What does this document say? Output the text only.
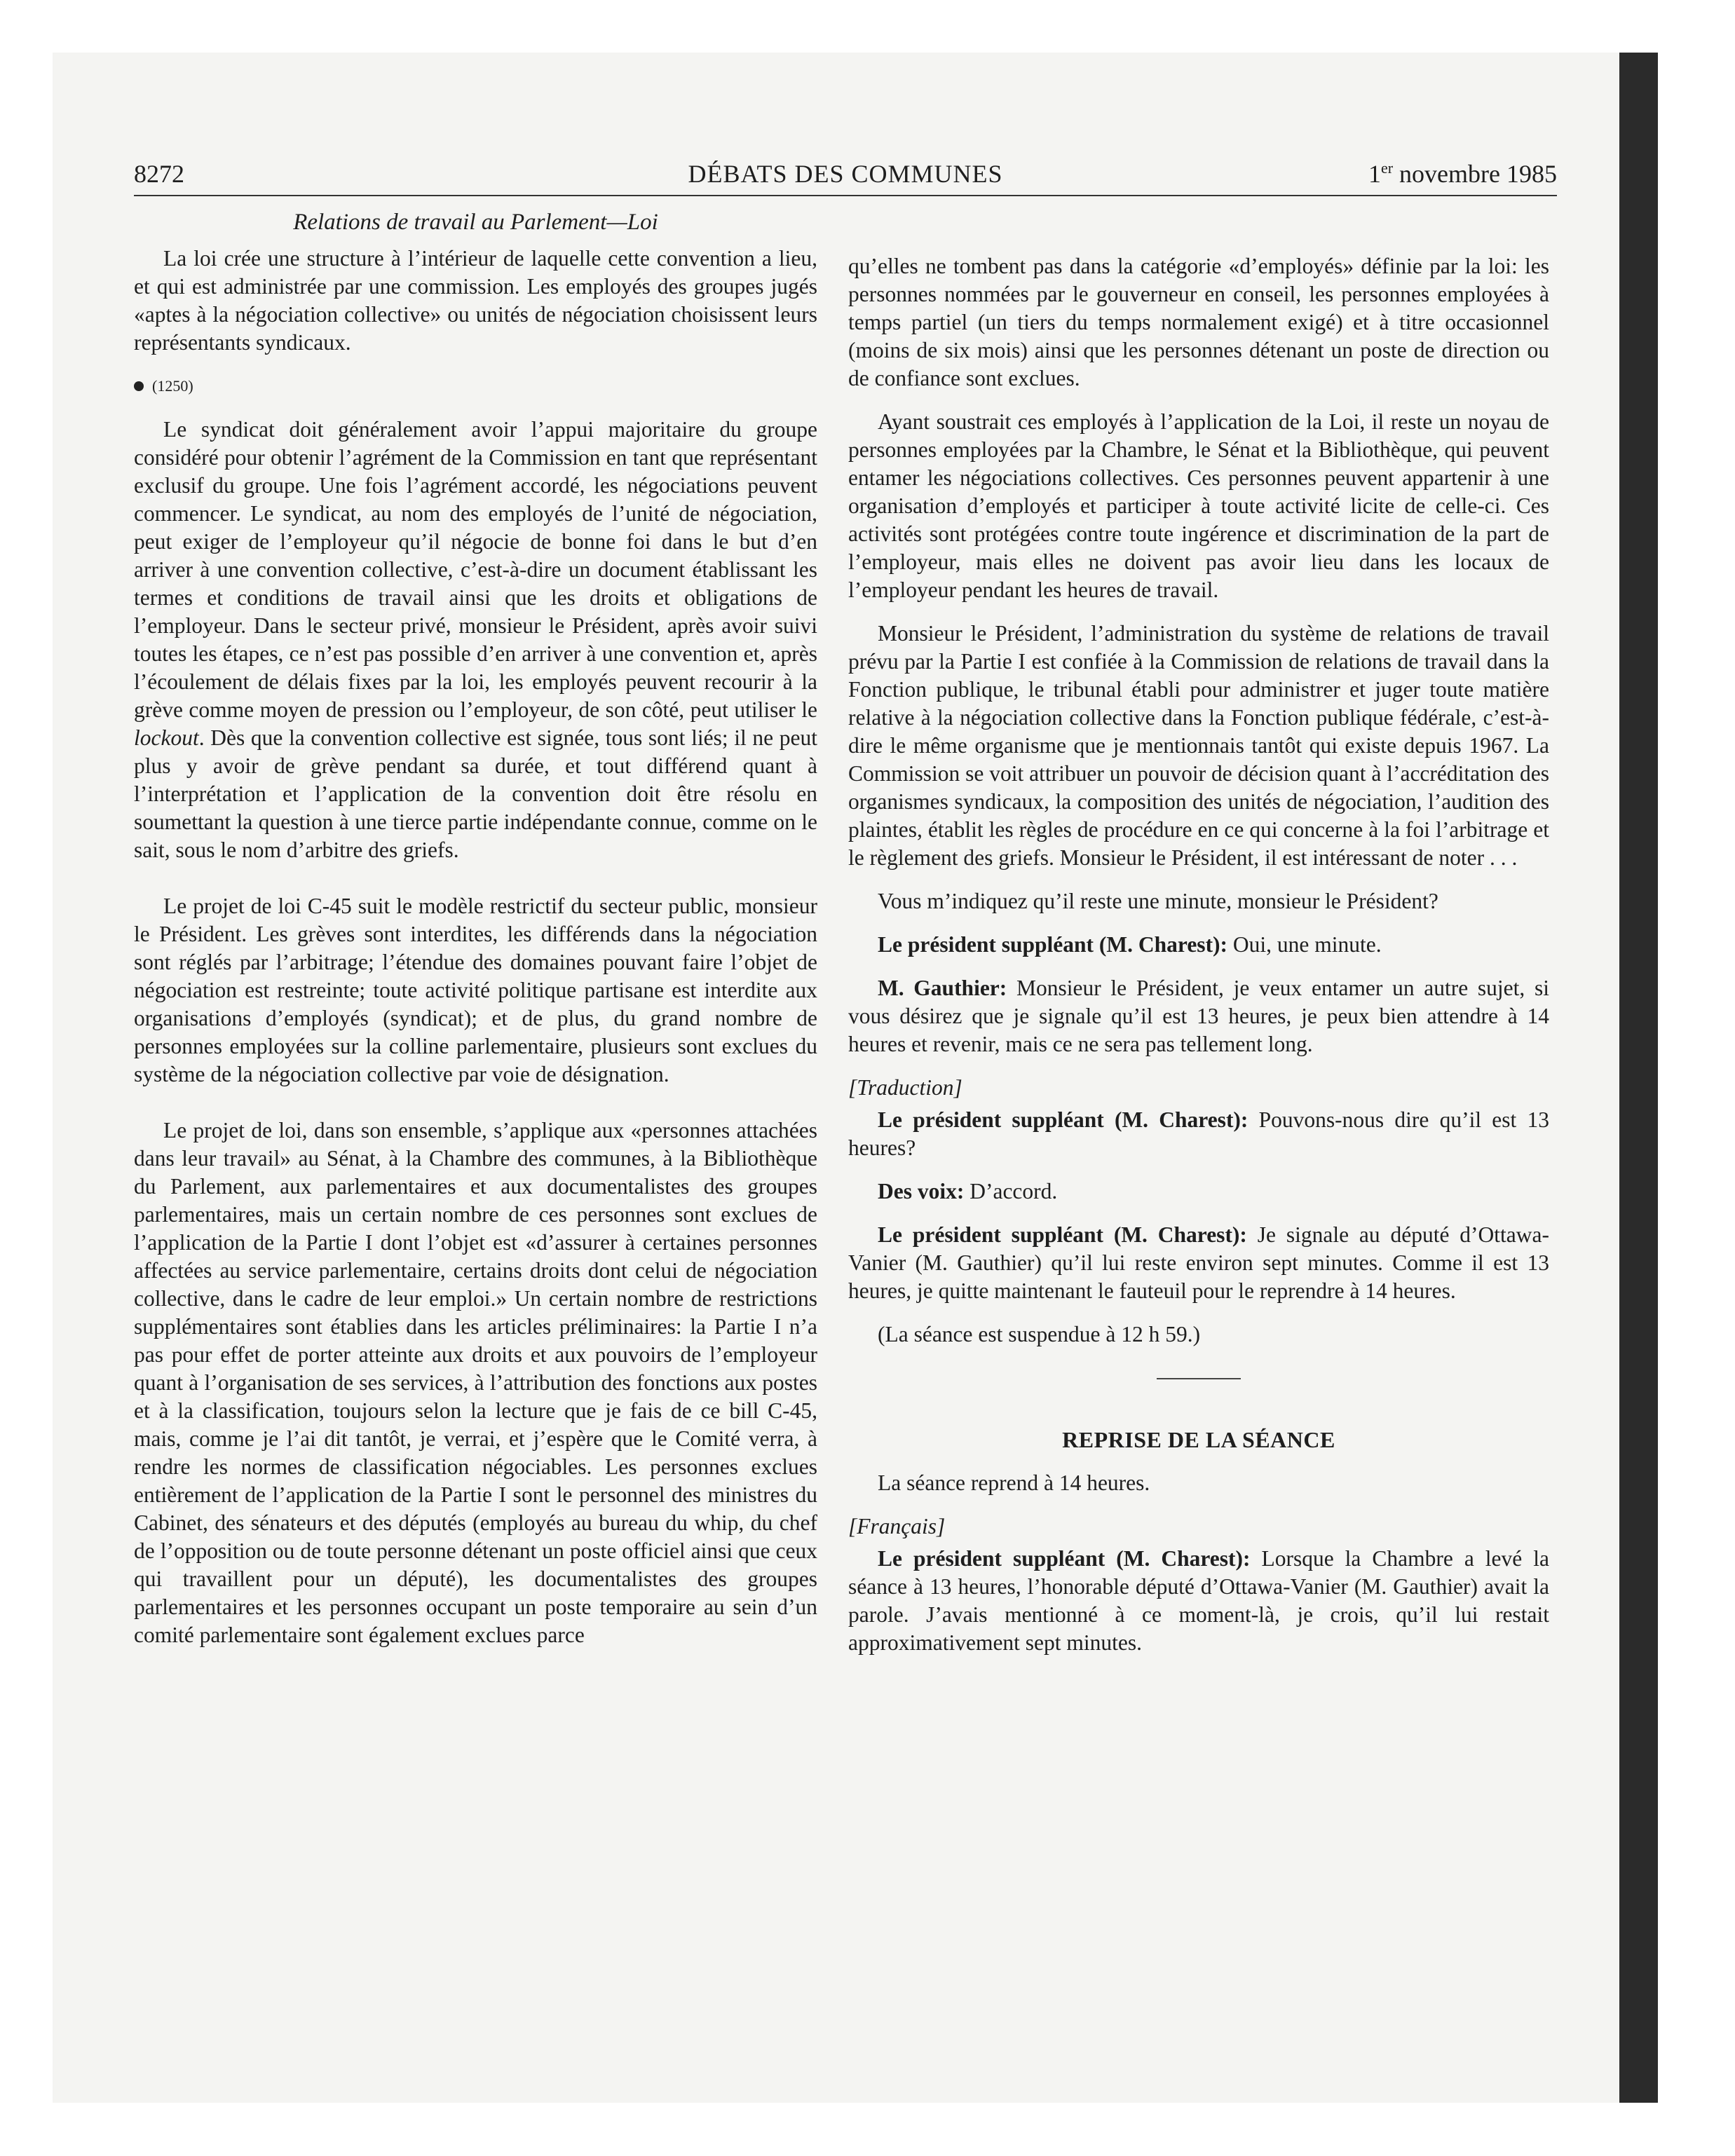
8272	DÉBATS DES COMMUNES	1er novembre 1985
Relations de travail au Parlement—Loi

La loi crée une structure à l’intérieur de laquelle cette convention a lieu, et qui est administrée par une commission. Les employés des groupes jugés «aptes à la négociation collective» ou unités de négociation choisissent leurs représentants syndicaux.

(1250)

Le syndicat doit généralement avoir l’appui majoritaire du groupe considéré pour obtenir l’agrément de la Commission en tant que représentant exclusif du groupe. Une fois l’agrément accordé, les négociations peuvent commencer. Le syndicat, au nom des employés de l’unité de négociation, peut exiger de l’employeur qu’il négocie de bonne foi dans le but d’en arriver à une convention collective, c’est-à-dire un document établissant les termes et conditions de travail ainsi que les droits et obligations de l’employeur. Dans le secteur privé, monsieur le Président, après avoir suivi toutes les étapes, ce n’est pas possible d’en arriver à une convention et, après l’écoulement de délais fixes par la loi, les employés peuvent recourir à la grève comme moyen de pression ou l’employeur, de son côté, peut utiliser le lockout. Dès que la convention collective est signée, tous sont liés; il ne peut plus y avoir de grève pendant sa durée, et tout différend quant à l’interprétation et l’application de la convention doit être résolu en soumettant la question à une tierce partie indépendante connue, comme on le sait, sous le nom d’arbitre des griefs.

Le projet de loi C-45 suit le modèle restrictif du secteur public, monsieur le Président. Les grèves sont interdites, les différends dans la négociation sont réglés par l’arbitrage; l’étendue des domaines pouvant faire l’objet de négociation est restreinte; toute activité politique partisane est interdite aux organisations d’employés (syndicat); et de plus, du grand nombre de personnes employées sur la colline parlementaire, plusieurs sont exclues du système de la négociation collective par voie de désignation.

Le projet de loi, dans son ensemble, s’applique aux «personnes attachées dans leur travail» au Sénat, à la Chambre des communes, à la Bibliothèque du Parlement, aux parlementaires et aux documentalistes des groupes parlementaires, mais un certain nombre de ces personnes sont exclues de l’application de la Partie I dont l’objet est «d’assurer à certaines personnes affectées au service parlementaire, certains droits dont celui de négociation collective, dans le cadre de leur emploi.» Un certain nombre de restrictions supplémentaires sont établies dans les articles préliminaires: la Partie I n’a pas pour effet de porter atteinte aux droits et aux pouvoirs de l’employeur quant à l’organisation de ses services, à l’attribution des fonctions aux postes et à la classification, toujours selon la lecture que je fais de ce bill C-45, mais, comme je l’ai dit tantôt, je verrai, et j’espère que le Comité verra, à rendre les normes de classification négociables. Les personnes exclues entièrement de l’application de la Partie I sont le personnel des ministres du Cabinet, des sénateurs et des députés (employés au bureau du whip, du chef de l’opposition ou de toute personne détenant un poste officiel ainsi que ceux qui travaillent pour un député), les documentalistes des groupes parlementaires et les personnes occupant un poste temporaire au sein d’un comité parlementaire sont également exclues parce

qu’elles ne tombent pas dans la catégorie «d’employés» définie par la loi: les personnes nommées par le gouverneur en conseil, les personnes employées à temps partiel (un tiers du temps normalement exigé) et à titre occasionnel (moins de six mois) ainsi que les personnes détenant un poste de direction ou de confiance sont exclues.

Ayant soustrait ces employés à l’application de la Loi, il reste un noyau de personnes employées par la Chambre, le Sénat et la Bibliothèque, qui peuvent entamer les négociations collectives. Ces personnes peuvent appartenir à une organisation d’employés et participer à toute activité licite de celle-ci. Ces activités sont protégées contre toute ingérence et discrimination de la part de l’employeur, mais elles ne doivent pas avoir lieu dans les locaux de l’employeur pendant les heures de travail.

Monsieur le Président, l’administration du système de relations de travail prévu par la Partie I est confiée à la Commission de relations de travail dans la Fonction publique, le tribunal établi pour administrer et juger toute matière relative à la négociation collective dans la Fonction publique fédérale, c’est-à-dire le même organisme que je mentionnais tantôt qui existe depuis 1967. La Commission se voit attribuer un pouvoir de décision quant à l’accréditation des organismes syndicaux, la composition des unités de négociation, l’audition des plaintes, établit les règles de procédure en ce qui concerne à la foi l’arbitrage et le règlement des griefs. Monsieur le Président, il est intéressant de noter . . .

Vous m’indiquez qu’il reste une minute, monsieur le Président?

Le président suppléant (M. Charest): Oui, une minute.

M. Gauthier: Monsieur le Président, je veux entamer un autre sujet, si vous désirez que je signale qu’il est 13 heures, je peux bien attendre à 14 heures et revenir, mais ce ne sera pas tellement long.

[Traduction]

Le président suppléant (M. Charest): Pouvons-nous dire qu’il est 13 heures?

Des voix: D’accord.

Le président suppléant (M. Charest): Je signale au député d’Ottawa-Vanier (M. Gauthier) qu’il lui reste environ sept minutes. Comme il est 13 heures, je quitte maintenant le fauteuil pour le reprendre à 14 heures.

(La séance est suspendue à 12 h 59.)

REPRISE DE LA SÉANCE

La séance reprend à 14 heures.

[Français]

Le président suppléant (M. Charest): Lorsque la Chambre a levé la séance à 13 heures, l’honorable député d’Ottawa-Vanier (M. Gauthier) avait la parole. J’avais mentionné à ce moment-là, je crois, qu’il lui restait approximativement sept minutes.
